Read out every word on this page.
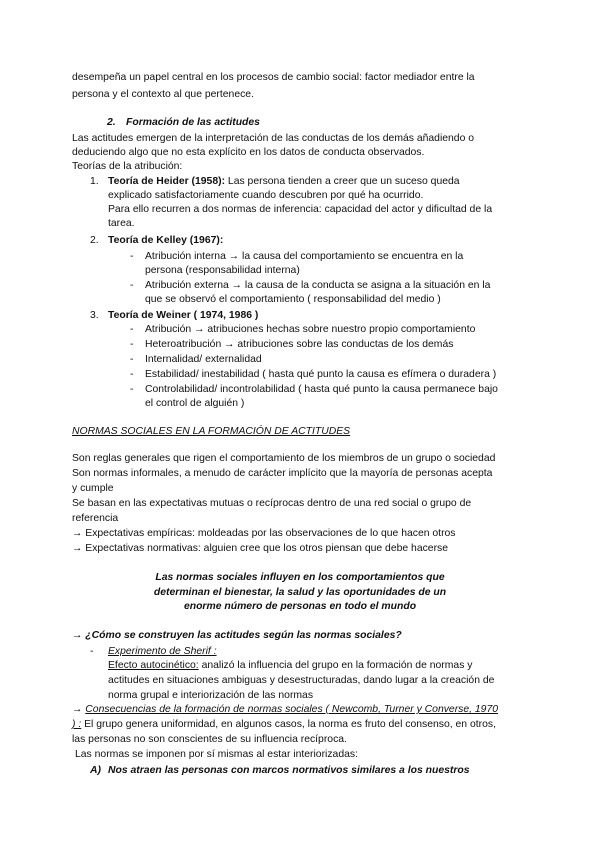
desempeña un papel central en los procesos de cambio social: factor mediador entre la
persona y el contexto al que pertenece.
2. Formación de las actitudes
Las actitudes emergen de la interpretación de las conductas de los demás añadiendo o
deduciendo algo que no esta explícito en los datos de conducta observados.
Teorías de la atribución:
1. Teoría de Heider (1958): Las persona tienden a creer que un suceso queda
explicado satisfactoriamente cuando descubren por qué ha ocurrido.
Para ello recurren a dos normas de inferencia: capacidad del actor y dificultad de la
tarea.
2. Teoría de Kelley (1967):
- Atribución interna → la causa del comportamiento se encuentra en la
persona (responsabilidad interna)
- Atribución externa → la causa de la conducta se asigna a la situación en la
que se observó el comportamiento ( responsabilidad del medio )
3. Teoría de Weiner ( 1974, 1986 )
- Atribución → atribuciones hechas sobre nuestro propio comportamiento
- Heteroatribución → atribuciones sobre las conductas de los demás
- Internalidad/ externalidad
- Estabilidad/ inestabilidad ( hasta qué punto la causa es efímera o duradera )
- Controlabilidad/ incontrolabilidad ( hasta qué punto la causa permanece bajo
el control de alguién )
NORMAS SOCIALES EN LA FORMACIÓN DE ACTITUDES
Son reglas generales que rigen el comportamiento de los miembros de un grupo o sociedad
Son normas informales, a menudo de carácter implícito que la mayoría de personas acepta
y cumple
Se basan en las expectativas mutuas o recíprocas dentro de una red social o grupo de
referencia
→ Expectativas empíricas: moldeadas por las observaciones de lo que hacen otros
→ Expectativas normativas: alguien cree que los otros piensan que debe hacerse
Las normas sociales influyen en los comportamientos que
determinan el bienestar, la salud y las oportunidades de un
enorme número de personas en todo el mundo
→ ¿Cómo se construyen las actitudes según las normas sociales?
- Experimento de Sherif :
Efecto autocinético: analizó la influencia del grupo en la formación de normas y
actitudes en situaciones ambiguas y desestructuradas, dando lugar a la creación de
norma grupal e interiorización de las normas
→ Consecuencias de la formación de normas sociales ( Newcomb, Turner y Converse, 1970
) : El grupo genera uniformidad, en algunos casos, la norma es fruto del consenso, en otros,
las personas no son conscientes de su influencia recíproca.
Las normas se imponen por sí mismas al estar interiorizadas:
A) Nos atraen las personas con marcos normativos similares a los nuestros
